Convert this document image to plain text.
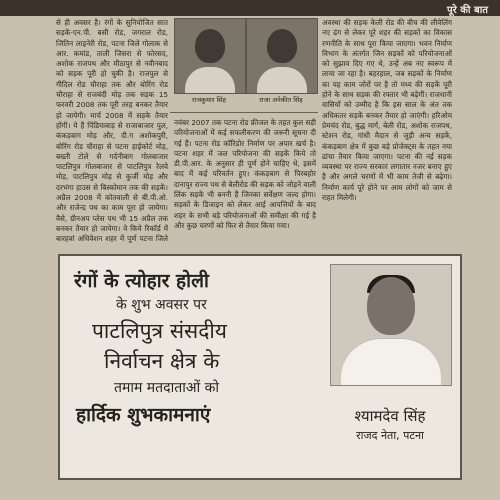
पूरे की बात
से ही अवसर है। रंगों के सुनियोजित सात सड़कें-एन.पी. बसी रोड, जगराल रोड, जितिन लाइनेरी रोड, पटना जिले गोलाक से आर. कमांड, ताली जिसरा से फोरसद, अशोक राजपथ और मीठापुर से नवीनबाद को सड़क पूरी हो चुकी है। राजपुल से गीदिल रोड चौराहा तक और बोरिंग रोड चौराहा से राजबंदी मोड़ तक सड़क 15 फरवरी 2008 तक पूरी तरह बनकर तैयार हो जायेगी। मार्च 2008 में सड़के तैयार होंगी। ये हैं पिंडियाबाड़ से राजाबाजार पुल, कंकड़बाग मोड़ और, दी.ग अशोकपुरी, बोरिंग रोड चौराहा से पटना हाईकोर्ट मोड़, बख्ती टोले से गर्दनीबाग गोलबाजार पाटलिपुत्र गोलबाजार से पाटलिपुत्र रेलवे मोड़, पाटलिपुत्र मोड़ से कुर्जी मोड़ और दरभंगा हाउस से बिस्कोमान तक की सड़कें। अप्रैल 2008 में कोतवाली से बी.पी.ओ. और राजेन्द्र पथ का काम पूरा हो जायेगा। वैसे, ग्रीनअप प्लेस पथ भी 15 अप्रैल तक बनकर तैयार हो जायेगा। वे किये रिकॉर्ड में बारहवां अधिवेशन शहर में पूर्ण पटना जिले
राजकुमार सिंह	राजा अनेकीत सिंह
नवंबर 2007 तक पटना रोड फ्रीजल के तहत कुल सड़ी परियोजनाओं में कई सफलीकरण की जरूरी सूचना दी गई हैं। पटना रोड कॉरिडोर निर्माण पर अपार खर्च है। पटना शहर में जल परियोजना की सड़कें किये तो डी.पी.आर. के अनुसार ही पूर्ण होने चाहिए थे, इसमें बाद में कई परिवर्तन हुए। कंकड़बाग से पिरबहोर दानापुर राज्य पथ से बेलीरोड की सड़क को जोड़ने वाली लिंक सड़कें भी बननी हैं जिनका सर्वेक्षण जल्द होगा। सड़कों के डिजाइन को लेकर आई आपत्तियों के बाद शहर के सभी बड़े परियोजनाओं की समीक्षा की गई है और कुछ चरणों को फिर से तैयार किया गया।
अवस्था की सड़क केली रोड की बीच की लीवेलिंग नए ढंग से लेकर पूरे शहर की सड़कों का विकास रणनीति के साथ पूरा किया जाएगा। भवन निर्माण विभाग के अंतर्गत जिन सड़कों को परियोजनाओं को सुझाव दिए गए थे, उन्हें अब नए स्वरूप में लाया जा रहा है। बहरहाल, जब सड़कों के निर्माण का यह काम जोरों पर है तो मध्य की सड़कें पूरी होने के साथ सड़क की रफ्तार भी बढ़ेगी। राजधानी वासियों को उम्मीद है कि इस साल के अंत तक अधिकतर सड़कें बनकर तैयार हो जाएंगी। हरिओम प्रेमचंद रोड, बुद्ध मार्ग, बेली रोड, अशोक राजपथ, स्टेशन रोड, गांधी मैदान से जुड़ी अन्य सड़कें, कंकड़बाग क्षेत्र में कुछ बड़े प्रोजेक्ट्स के तहत नया ढांचा तैयार किया जाएगा। पटना की नई सड़क व्यवस्था पर राज्य सरकार लगातार नजर बनाए हुए है और अगले चरणों में भी काम तेजी से बढ़ेगा। निर्माण कार्य पूरे होने पर आम लोगों को जाम से राहत मिलेगी।
रंगों के त्योहार होली
के शुभ अवसर पर
पाटलिपुत्र संसदीय
निर्वाचन क्षेत्र के
तमाम मतदाताओं को
हार्दिक शुभकामनाएं	श्यामदेव सिंह
राजद नेता, पटना
